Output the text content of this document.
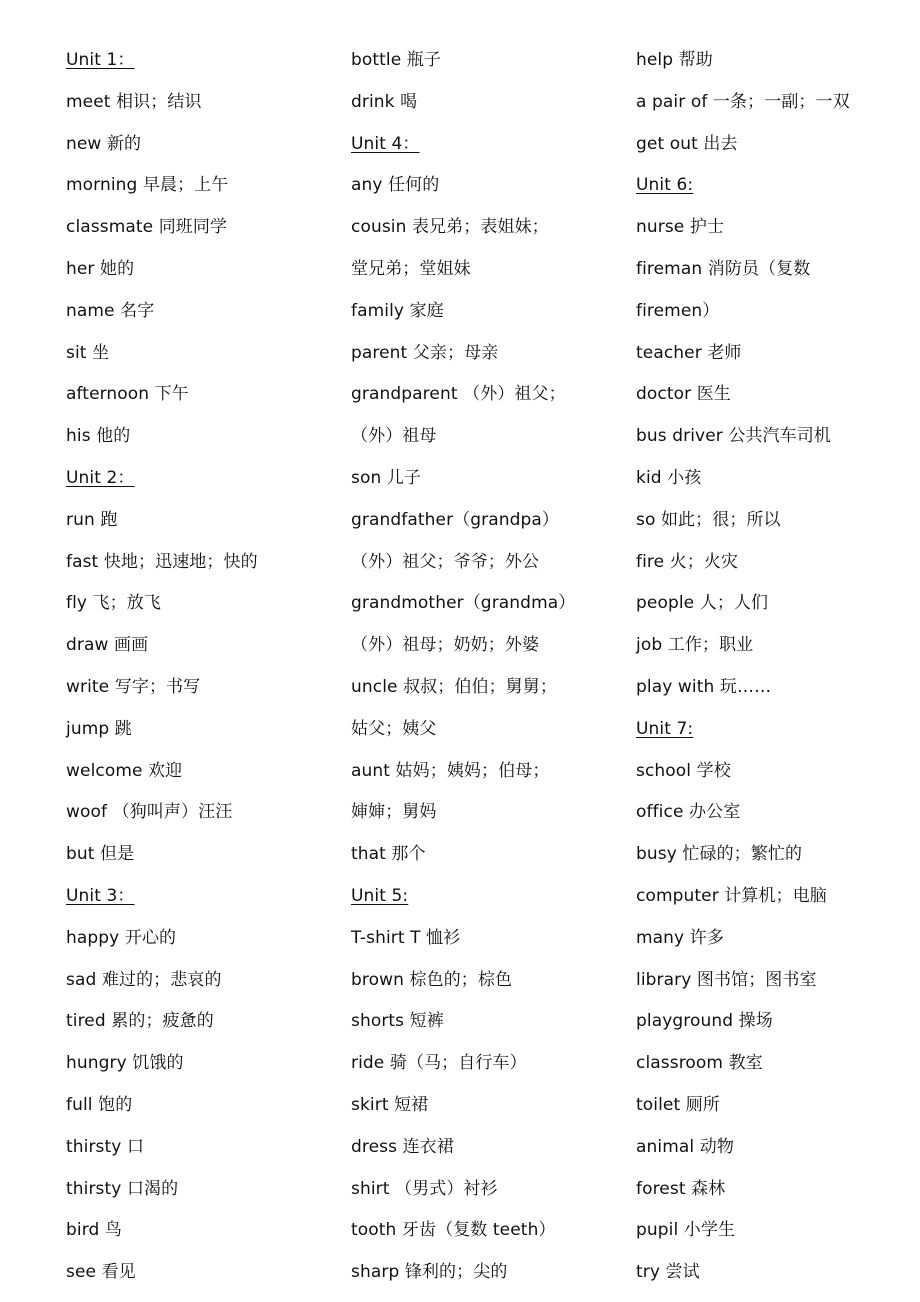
Unit 1：
meet 相识；结识
new 新的
morning 早晨；上午
classmate 同班同学
her 她的
name 名字
sit 坐
afternoon 下午
his 他的
Unit 2：
run 跑
fast 快地；迅速地；快的
fly 飞；放飞
draw 画画
write 写字；书写
jump 跳
welcome 欢迎
woof （狗叫声）汪汪
but 但是
Unit 3：
happy 开心的
sad 难过的；悲哀的
tired 累的；疲惫的
hungry 饥饿的
full 饱的
thirsty 口
thirsty 口渴的
bird 鸟
see 看见
bottle 瓶子
drink 喝
Unit 4：
any 任何的
cousin 表兄弟；表姐妹；
堂兄弟；堂姐妹
family 家庭
parent 父亲；母亲
grandparent （外）祖父；
（外）祖母
son 儿子
grandfather（grandpa）
（外）祖父；爷爷；外公
grandmother（grandma）
（外）祖母；奶奶；外婆
uncle 叔叔；伯伯；舅舅；
姑父；姨父
aunt 姑妈；姨妈；伯母；
婶婶；舅妈
that 那个
Unit 5:
T-shirt T 恤衫
brown 棕色的；棕色
shorts 短裤
ride 骑（马；自行车）
skirt 短裙
dress 连衣裙
shirt （男式）衬衫
tooth 牙齿（复数 teeth）
sharp 锋利的；尖的
help 帮助
a pair of 一条；一副；一双
get out 出去
Unit 6:
nurse 护士
fireman 消防员（复数
firemen）
teacher 老师
doctor 医生
bus driver 公共汽车司机
kid 小孩
so 如此；很；所以
fire 火；火灾
people 人；人们
job 工作；职业
play with 玩……
Unit 7:
school 学校
office 办公室
busy 忙碌的；繁忙的
computer 计算机；电脑
many 许多
library 图书馆；图书室
playground 操场
classroom 教室
toilet 厕所
animal 动物
forest 森林
pupil 小学生
try 尝试
